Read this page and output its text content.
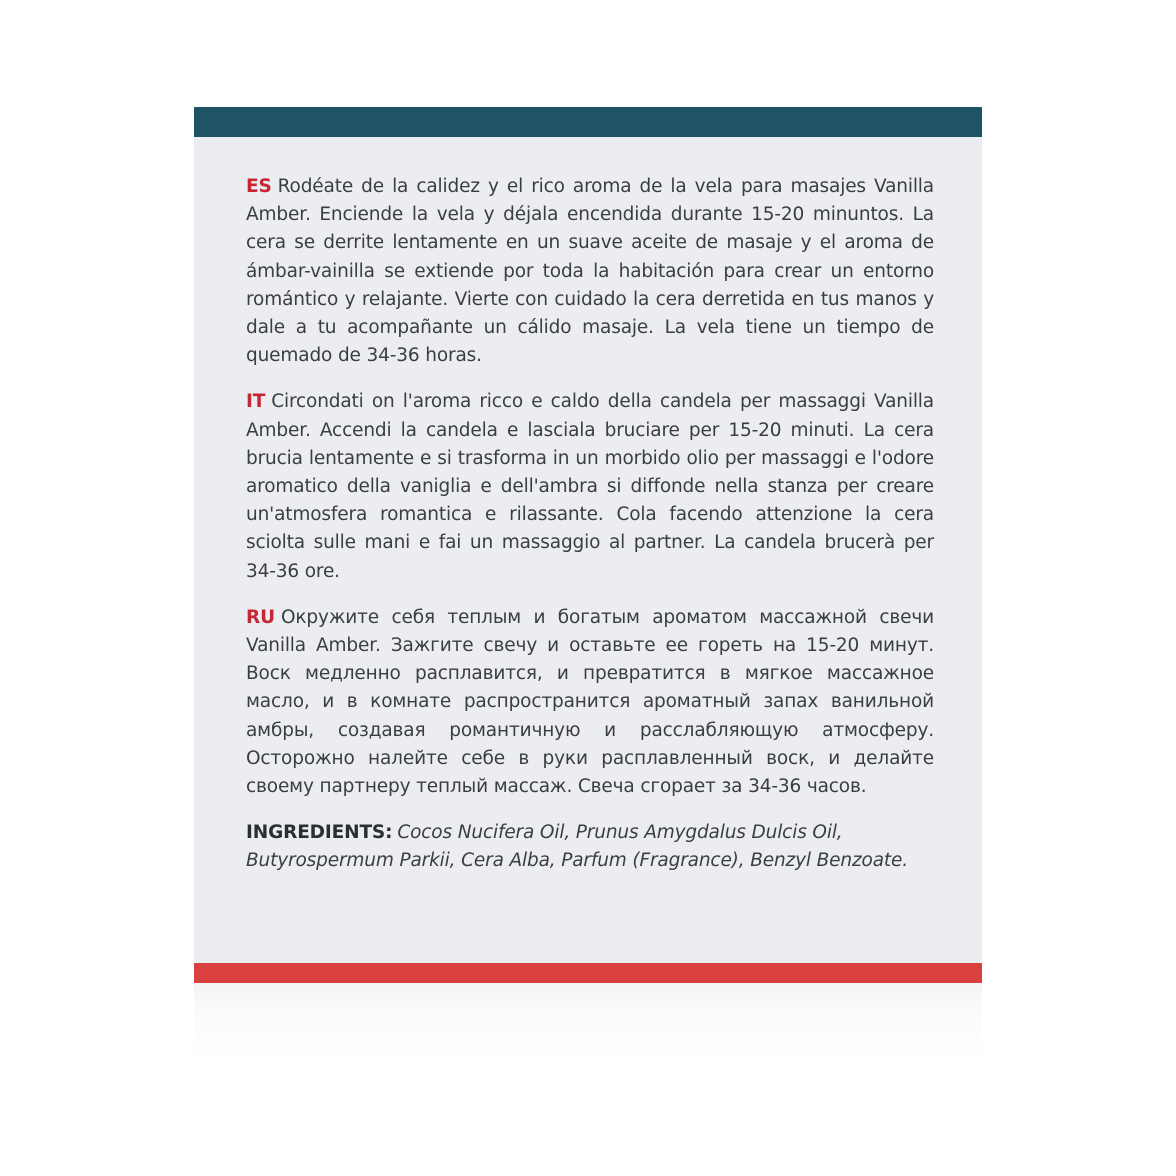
ES Rodéate de la calidez y el rico aroma de la vela para masajes Vanilla Amber. Enciende la vela y déjala encendida durante 15-20 minuntos. La cera se derrite lentamente en un suave aceite de masaje y el aroma de ámbar-vainilla se extiende por toda la habitación para crear un entorno romántico y relajante. Vierte con cuidado la cera derretida en tus manos y dale a tu acompañante un cálido masaje. La vela tiene un tiempo de quemado de 34-36 horas.

IT Circondati on l'aroma ricco e caldo della candela per massaggi Vanilla Amber. Accendi la candela e lasciala bruciare per 15-20 minuti. La cera brucia lentamente e si trasforma in un morbido olio per massaggi e l'odore aromatico della vaniglia e dell'ambra si diffonde nella stanza per creare un'atmosfera romantica e rilassante. Cola facendo attenzione la cera sciolta sulle mani e fai un massaggio al partner. La candela brucerà per 34-36 ore.

RU Окружите себя теплым и богатым ароматом массажной свечи Vanilla Amber. Зажгите свечу и оставьте ее гореть на 15-20 минут. Воск медленно расплавится, и превратится в мягкое массажное масло, и в комнате распространится ароматный запах ванильной амбры, создавая романтичную и расслабляющую атмосферу. Осторожно налейте себе в руки расплавленный воск, и делайте своему партнеру теплый массаж. Свеча сгорает за 34-36 часов.

INGREDIENTS: Cocos Nucifera Oil, Prunus Amygdalus Dulcis Oil, Butyrospermum Parkii, Cera Alba, Parfum (Fragrance), Benzyl Benzoate.
